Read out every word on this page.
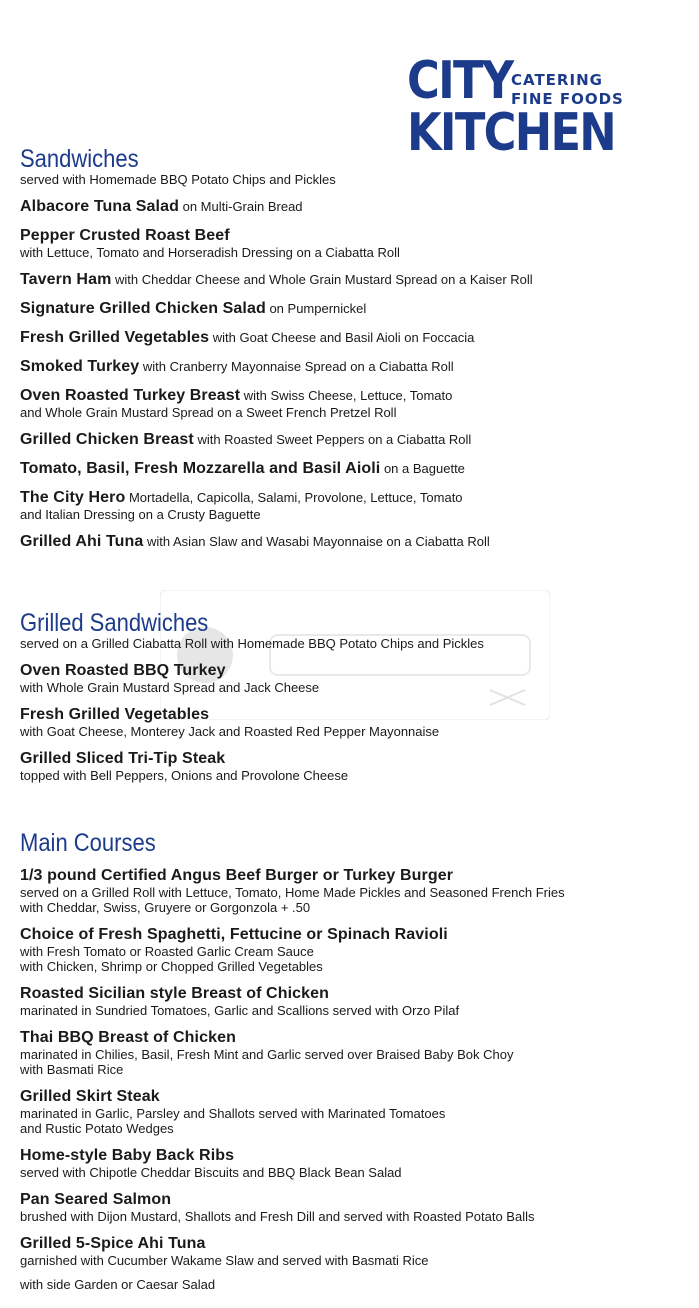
CITY
CATERING
FINE FOODS
KITCHEN
Sandwiches
served with Homemade BBQ Potato Chips and Pickles
Albacore Tuna Salad on Multi-Grain Bread
Pepper Crusted Roast Beef
with Lettuce, Tomato and Horseradish Dressing on a Ciabatta Roll
Tavern Ham with Cheddar Cheese and Whole Grain Mustard Spread on a Kaiser Roll
Signature Grilled Chicken Salad on Pumpernickel
Fresh Grilled Vegetables with Goat Cheese and Basil Aioli on Foccacia
Smoked Turkey with Cranberry Mayonnaise Spread on a Ciabatta Roll
Oven Roasted Turkey Breast with Swiss Cheese, Lettuce, Tomato
and Whole Grain Mustard Spread on a Sweet French Pretzel Roll
Grilled Chicken Breast with Roasted Sweet Peppers on a Ciabatta Roll
Tomato, Basil, Fresh Mozzarella and Basil Aioli on a Baguette
The City Hero Mortadella, Capicolla, Salami, Provolone, Lettuce, Tomato
and Italian Dressing on a Crusty Baguette
Grilled Ahi Tuna with Asian Slaw and Wasabi Mayonnaise on a Ciabatta Roll
Grilled Sandwiches
served on a Grilled Ciabatta Roll with Homemade BBQ Potato Chips and Pickles
Oven Roasted BBQ Turkey
with Whole Grain Mustard Spread and Jack Cheese
Fresh Grilled Vegetables
with Goat Cheese, Monterey Jack and Roasted Red Pepper Mayonnaise
Grilled Sliced Tri-Tip Steak
topped with Bell Peppers, Onions and Provolone Cheese
Main Courses
1/3 pound Certified Angus Beef Burger or Turkey Burger
served on a Grilled Roll with Lettuce, Tomato, Home Made Pickles and Seasoned French Fries
with Cheddar, Swiss, Gruyere or Gorgonzola + .50
Choice of Fresh Spaghetti, Fettucine or Spinach Ravioli
with Fresh Tomato or Roasted Garlic Cream Sauce
with Chicken, Shrimp or Chopped Grilled Vegetables
Roasted Sicilian style Breast of Chicken
marinated in Sundried Tomatoes, Garlic and Scallions served with Orzo Pilaf
Thai BBQ Breast of Chicken
marinated in Chilies, Basil, Fresh Mint and Garlic served over Braised Baby Bok Choy
with Basmati Rice
Grilled Skirt Steak
marinated in Garlic, Parsley and Shallots served with Marinated Tomatoes
and Rustic Potato Wedges
Home-style Baby Back Ribs
served with Chipotle Cheddar Biscuits and BBQ Black Bean Salad
Pan Seared Salmon
brushed with Dijon Mustard, Shallots and Fresh Dill and served with Roasted Potato Balls
Grilled 5-Spice Ahi Tuna
garnished with Cucumber Wakame Slaw and served with Basmati Rice
with side Garden or Caesar Salad
